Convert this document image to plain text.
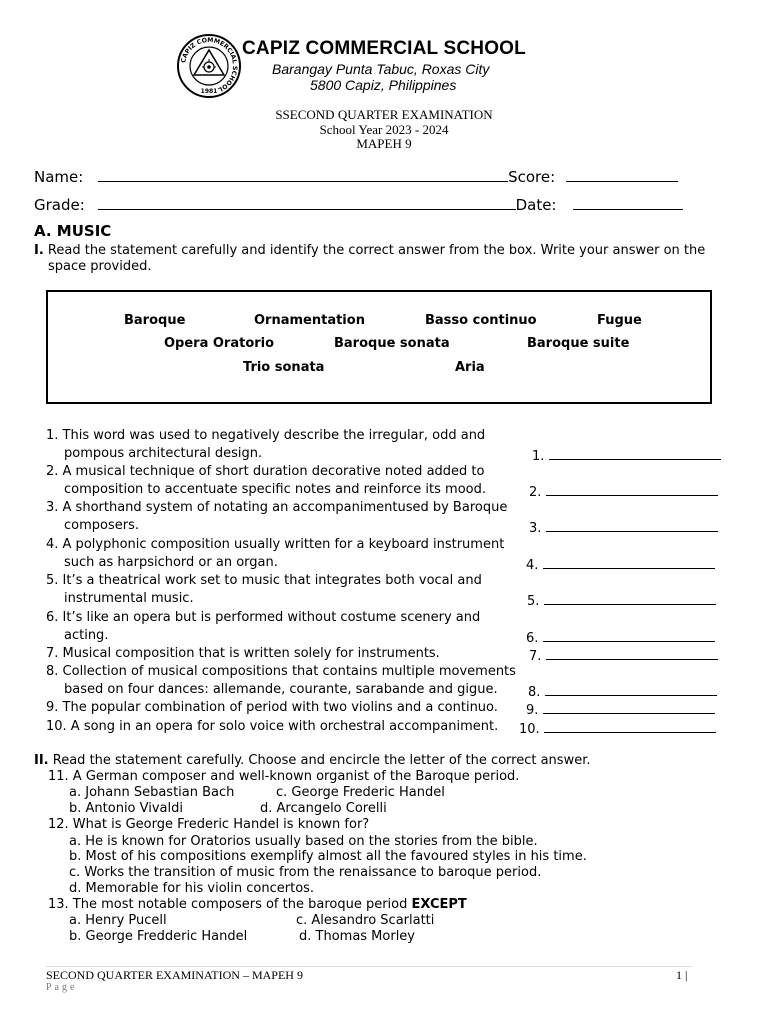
CAPIZ COMMERCIAL SCHOOL
1981
CAPIZ COMMERCIAL SCHOOL
Barangay Punta Tabuc, Roxas City
5800 Capiz, Philippines
SSECOND QUARTER EXAMINATION
School Year 2023 - 2024
MAPEH 9
Name:	Score:
Grade:	Date:
A. MUSIC
I. Read the statement carefully and identify the correct answer from the box. Write your answer on the
space provided.
Baroque	Ornamentation	Basso continuo	Fugue
Opera Oratorio	Baroque sonata	Baroque suite
Trio sonata	Aria
1. This word was used to negatively describe the irregular, odd and
pompous architectural design.	1.
2. A musical technique of short duration decorative noted added to
composition to accentuate specific notes and reinforce its mood.	2.
3. A shorthand system of notating an accompanimentused by Baroque
composers.	3.
4. A polyphonic composition usually written for a keyboard instrument
such as harpsichord or an organ.	4.
5. It’s a theatrical work set to music that integrates both vocal and
instrumental music.	5.
6. It’s like an opera but is performed without costume scenery and
acting.	6.
7. Musical composition that is written solely for instruments.	7.
8. Collection of musical compositions that contains multiple movements
based on four dances: allemande, courante, sarabande and gigue. 8.
9. The popular combination of period with two violins and a continuo. 9.
10. A song in an opera for solo voice with orchestral accompaniment. 10.
II. Read the statement carefully. Choose and encircle the letter of the correct answer.
11. A German composer and well-known organist of the Baroque period.
a. Johann Sebastian Bach	c. George Frederic Handel
b. Antonio Vivaldi	d. Arcangelo Corelli
12. What is George Frederic Handel is known for?
a. He is known for Oratorios usually based on the stories from the bible.
b. Most of his compositions exemplify almost all the favoured styles in his time.
c. Works the transition of music from the renaissance to baroque period.
d. Memorable for his violin concertos.
13. The most notable composers of the baroque period EXCEPT
a. Henry Pucell	c. Alesandro Scarlatti
b. George Fredderic Handel	d. Thomas Morley
SECOND QUARTER EXAMINATION – MAPEH 9	1 |
Page
